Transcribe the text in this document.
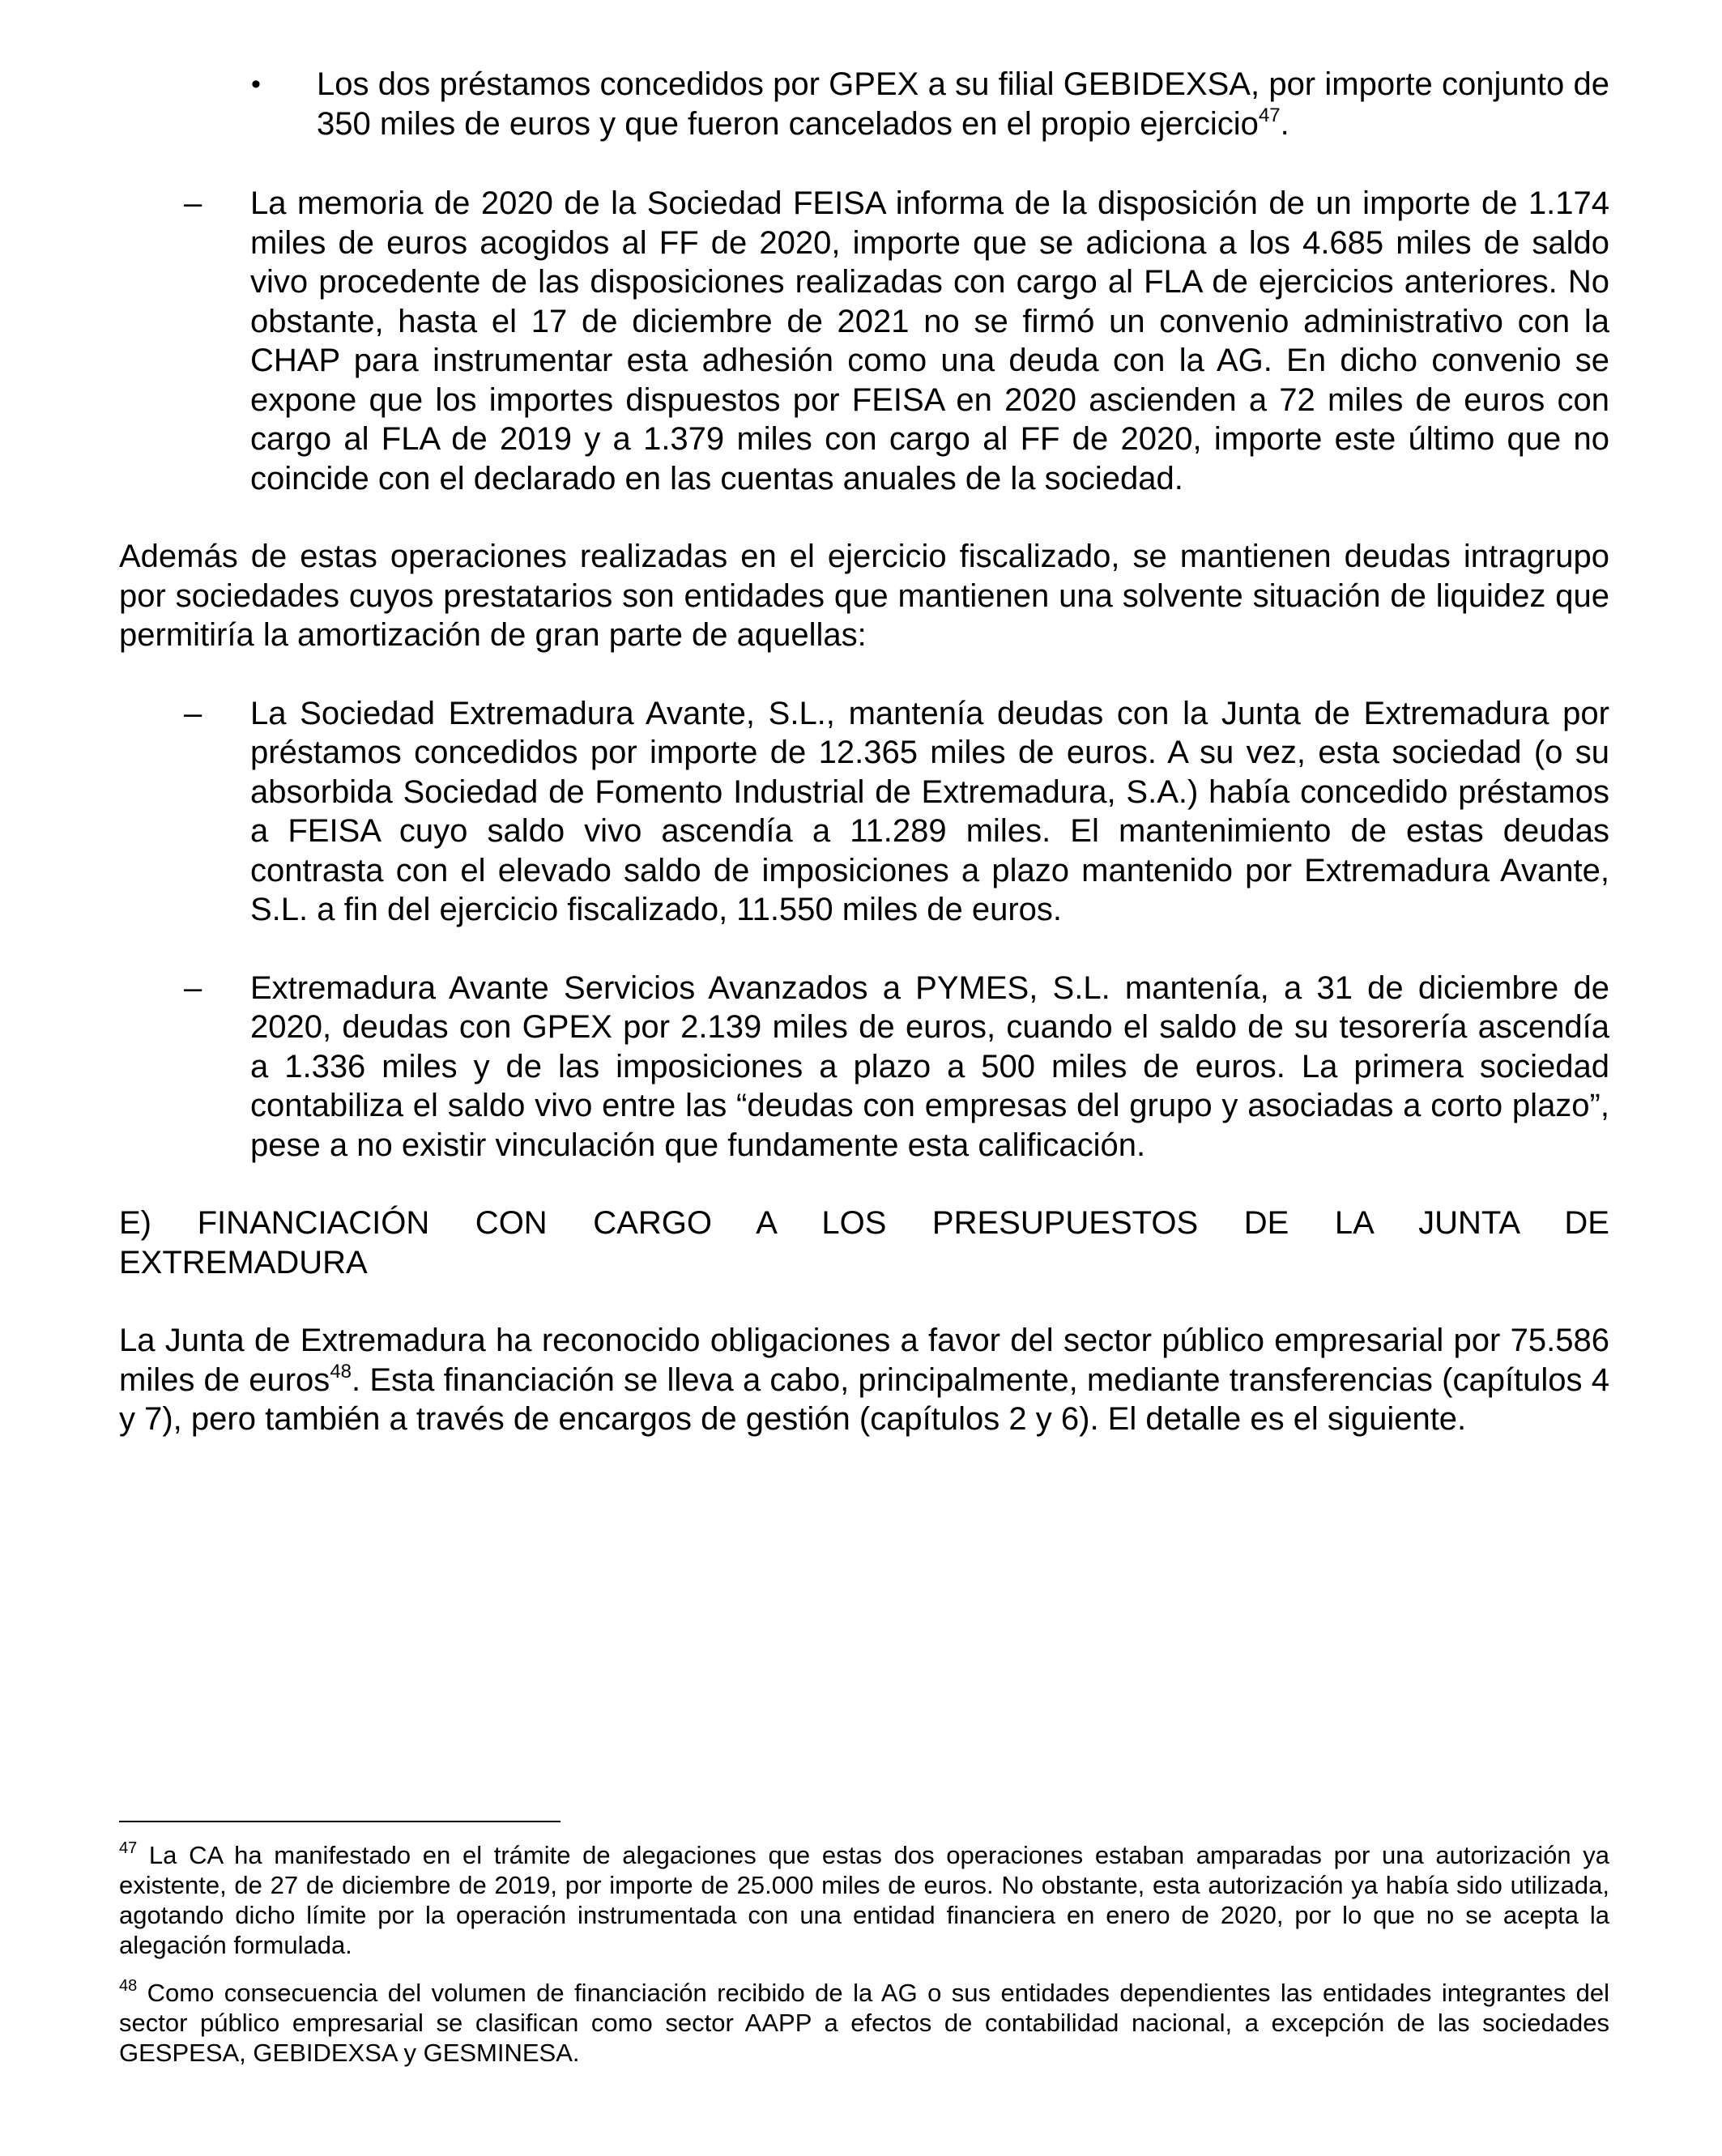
• Los dos préstamos concedidos por GPEX a su filial GEBIDEXSA, por importe conjunto de 350 miles de euros y que fueron cancelados en el propio ejercicio$^{47}$.

– La memoria de 2020 de la Sociedad FEISA informa de la disposición de un importe de 1.174 miles de euros acogidos al FF de 2020, importe que se adiciona a los 4.685 miles de saldo vivo procedente de las disposiciones realizadas con cargo al FLA de ejercicios anteriores. No obstante, hasta el 17 de diciembre de 2021 no se firmó un convenio administrativo con la CHAP para instrumentar esta adhesión como una deuda con la AG. En dicho convenio se expone que los importes dispuestos por FEISA en 2020 ascienden a 72 miles de euros con cargo al FLA de 2019 y a 1.379 miles con cargo al FF de 2020, importe este último que no coincide con el declarado en las cuentas anuales de la sociedad.

Además de estas operaciones realizadas en el ejercicio fiscalizado, se mantienen deudas intragrupo por sociedades cuyos prestatarios son entidades que mantienen una solvente situación de liquidez que permitiría la amortización de gran parte de aquellas:

– La Sociedad Extremadura Avante, S.L., mantenía deudas con la Junta de Extremadura por préstamos concedidos por importe de 12.365 miles de euros. A su vez, esta sociedad (o su absorbida Sociedad de Fomento Industrial de Extremadura, S.A.) había concedido préstamos a FEISA cuyo saldo vivo ascendía a 11.289 miles. El mantenimiento de estas deudas contrasta con el elevado saldo de imposiciones a plazo mantenido por Extremadura Avante, S.L. a fin del ejercicio fiscalizado, 11.550 miles de euros.

– Extremadura Avante Servicios Avanzados a PYMES, S.L. mantenía, a 31 de diciembre de 2020, deudas con GPEX por 2.139 miles de euros, cuando el saldo de su tesorería ascendía a 1.336 miles y de las imposiciones a plazo a 500 miles de euros. La primera sociedad contabiliza el saldo vivo entre las “deudas con empresas del grupo y asociadas a corto plazo”, pese a no existir vinculación que fundamente esta calificación.

E) FINANCIACIÓN CON CARGO A LOS PRESUPUESTOS DE LA JUNTA DE

EXTREMADURA

La Junta de Extremadura ha reconocido obligaciones a favor del sector público empresarial por 75.586 miles de euros$^{48}$. Esta financiación se lleva a cabo, principalmente, mediante transferencias (capítulos 4 y 7), pero también a través de encargos de gestión (capítulos 2 y 6). El detalle es el siguiente.

$^{47}$ La CA ha manifestado en el trámite de alegaciones que estas dos operaciones estaban amparadas por una autorización ya existente, de 27 de diciembre de 2019, por importe de 25.000 miles de euros. No obstante, esta autorización ya había sido utilizada, agotando dicho límite por la operación instrumentada con una entidad financiera en enero de 2020, por lo que no se acepta la alegación formulada.

$^{48}$ Como consecuencia del volumen de financiación recibido de la AG o sus entidades dependientes las entidades integrantes del sector público empresarial se clasifican como sector AAPP a efectos de contabilidad nacional, a excepción de las sociedades GESPESA, GEBIDEXSA y GESMINESA.
